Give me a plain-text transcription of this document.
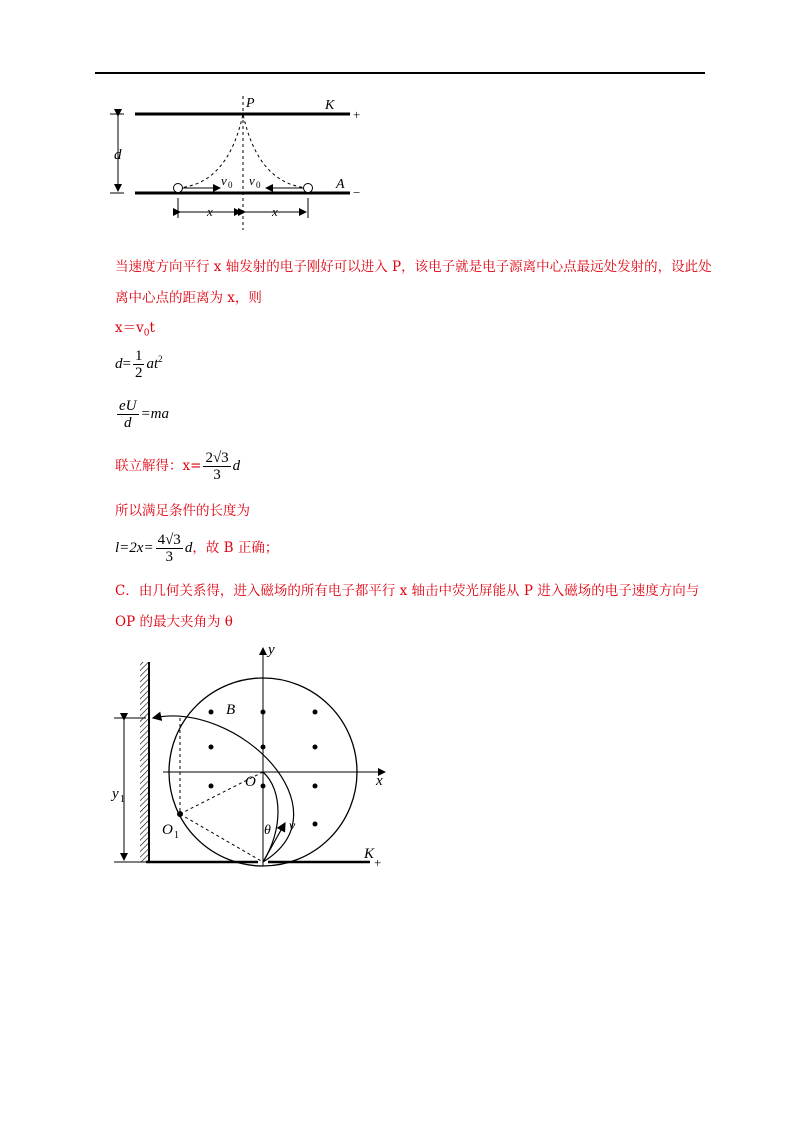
P	K
+
A
−
d
v 0 v 0
x	x
当速度方向平行 x 轴发射的电子刚好可以进入 P，该电子就是电子源离中心点最远处发射的，设此处离中心点的距离为 x，则
$x=v_0t$
$d= \frac{1}{2} at^2$
$\frac{eU}{d} =ma$
联立解得：$x= \frac{2√3}{3}$ d
所以满足条件的长度为
$l=2x= \frac{4√3}{3}$ d，故 B 正确；
C．由几何关系得，进入磁场的所有电子都平行 x 轴击中荧光屏能从 P 进入磁场的电子速度方向与 OP 的最大夹角为 θ
y
x
B
O
O 1
y 1
θ v
K
+
